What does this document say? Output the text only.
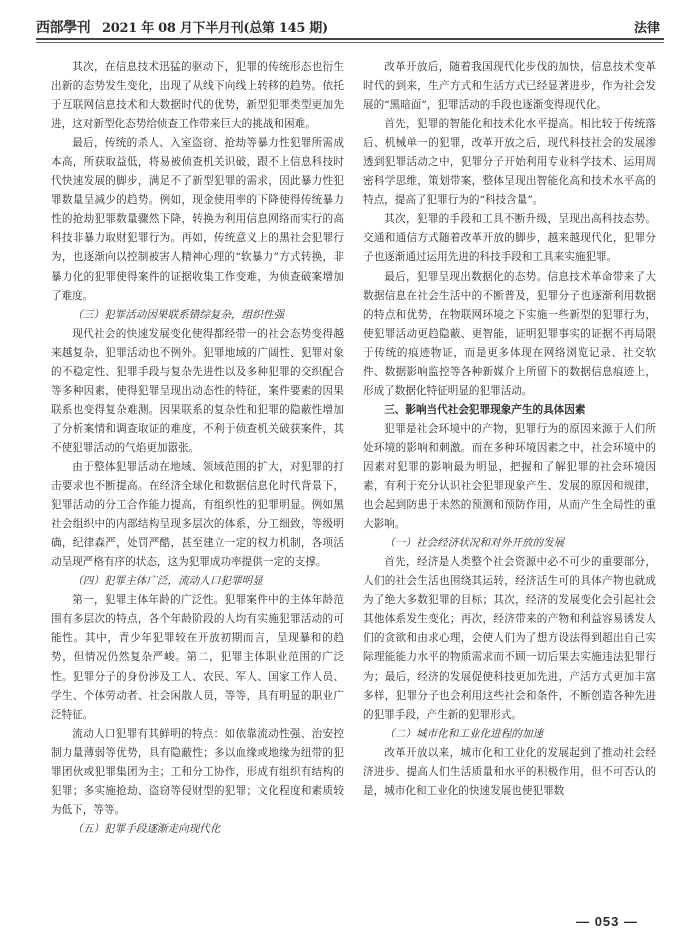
西部學刊 2021 年 08 月下半月刊(总第 145 期)	法律

其次，在信息技术迅猛的驱动下，犯罪的传统形态也衍生出新的态势发生变化，出现了从线下向线上转移的趋势。依托于互联网信息技术和大数据时代的优势，新型犯罪类型更加先进，这对新型化态势给侦查工作带来巨大的挑战和困难。

最后，传统的杀人、入室盗窃、抢劫等暴力性犯罪所需成本高，所获取益低，将易被侦查机关识破，跟不上信息科技时代快速发展的脚步，满足不了新型犯罪的需求，因此暴力性犯罪数量呈减少的趋势。例如，现金使用率的下降使得传统暴力性的抢劫犯罪数量骤然下降，转换为利用信息网络而实行的高科技非暴力取财犯罪行为。再如，传统意义上的黑社会犯罪行为，也逐渐向以控制被害人精神心理的“软暴力”方式转换，非暴力化的犯罪使得案件的证据收集工作变难，为侦查破案增加了难度。

（三）犯罪活动因果联系错综复杂，组织性强

现代社会的快速发展变化使得都经带一的社会态势变得越来越复杂，犯罪活动也不例外。犯罪地域的广阔性、犯罪对象的不稳定性、犯罪手段与复杂先进性以及多种犯罪的交织配合等多种因素，使得犯罪呈现出动态性的特征，案件要素的因果联系也变得复杂难测。因果联系的复杂性和犯罪的隐蔽性增加了分析案情和调查取证的难度，不利于侦查机关破获案件，其不使犯罪活动的气焰更加嚣张。

由于整体犯罪活动在地域、领域范围的扩大，对犯罪的打击要求也不断提高。在经济全球化和数据信息化时代背景下，犯罪活动的分工合作能力提高，有组织性的犯罪明显。例如黑社会组织中的内部结构呈现多层次的体系，分工细致，等级明确，纪律森严，处罚严酷，甚至建立一定的权力机制，各项活动呈现严格有序的状态，这为犯罪成功率提供一定的支撑。

（四）犯罪主体广泛，流动人口犯罪明显

第一，犯罪主体年龄的广泛性。犯罪案件中的主体年龄范围有多层次的特点，各个年龄阶段的人均有实施犯罪活动的可能性。其中，青少年犯罪较在开放初期而言，呈现暴和的趋势，但情况仍然复杂严峻。第二，犯罪主体职业范围的广泛性。犯罪分子的身份涉及工人、农民、军人、国家工作人员、学生、个体劳动者、社会闲散人员，等等，具有明显的职业广泛特征。

流动人口犯罪有其鲜明的特点：如依靠流动性强、治安控制力量薄弱等优势，具有隐蔽性；多以血缘或地缘为纽带的犯罪团伙或犯罪集团为主；工和分工协作，形成有组织有结构的犯罪；多实施抢劫、盗窃等侵财型的犯罪；文化程度和素质较为低下，等等。

（五）犯罪手段逐渐走向现代化

改革开放后，随着我国现代化步伐的加快，信息技术变革时代的到来，生产方式和生活方式已经显著进步，作为社会发展的“黑暗面”，犯罪活动的手段也逐渐变得现代化。

首先，犯罪的智能化和技术化水平提高。相比较于传统落后、机械单一的犯罪，改革开放之后，现代科技社会的发展渗透到犯罪活动之中，犯罪分子开始利用专业科学技术、运用周密科学思维，策划带案，整体呈现出智能化高和技术水平高的特点，提高了犯罪行为的“科技含量”。

其次，犯罪的手段和工具不断升级，呈现出高科技态势。交通和通信方式随着改革开放的脚步，越来越现代化，犯罪分子也逐渐通过运用先进的科技手段和工具来实施犯罪。

最后，犯罪呈现出数据化的态势。信息技术革命带来了大数据信息在社会生活中的不断普及，犯罪分子也逐渐利用数据的特点和优势，在物联网环境之下实施一些新型的犯罪行为，使犯罪活动更趋隐蔽、更智能，证明犯罪事实的证据不再局限于传统的痕迹物证，而是更多体现在网络浏览记录、社交软件、数据影响监控等各种新媒介上所留下的数据信息痕迹上，形成了数据化特征明显的犯罪活动。

三、影响当代社会犯罪现象产生的具体因素

犯罪是社会环境中的产物，犯罪行为的原因来源于人们所处环境的影响和刺激。而在多种环境因素之中，社会环境中的因素对犯罪的影响最为明显，把握和了解犯罪的社会环境因素，有利于充分认识社会犯罪现象产生、发展的原因和规律，也会起到防患于未然的预测和预防作用，从而产生全局性的重大影响。

（一）社会经济状况和对外开放的发展

首先，经济是人类整个社会资源中必不可少的重要部分，人们的社会生活也围绕其运转，经济活生可的具体产物也就成为了绝大多数犯罪的目标；其次，经济的发展变化会引起社会其他体系发生变化；再次，经济带来的产物和利益容易诱发人们的贪欲和由求心理，会使人们为了想方设法得到超出自己实际理能能力水平的物质需求而不顾一切后果去实施违法犯罪行为；最后，经济的发展促使科技更加先进，产活方式更加丰富多样，犯罪分子也会利用这些社会和条件，不断创造各种先进的犯罪手段，产生新的犯罪形式。

（二）城市化和工业化进程的加速

改革开放以来，城市化和工业化的发展起到了推动社会经济进步、提高人们生活质量和水平的积极作用，但不可否认的是，城市化和工业化的快速发展也使犯罪数

— 053 —
